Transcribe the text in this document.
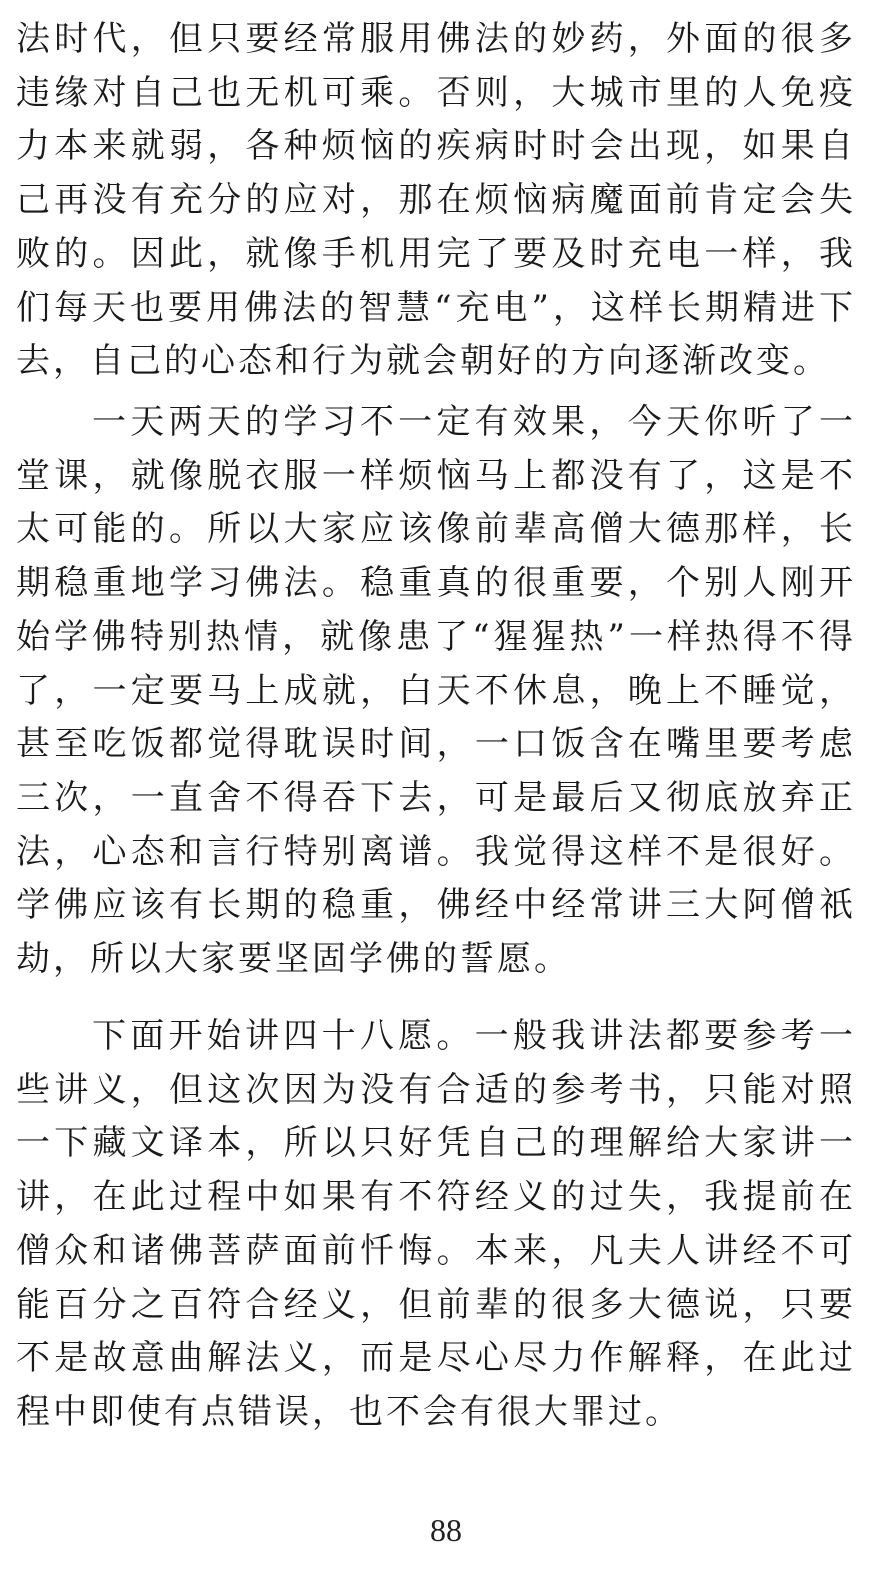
法时代，但只要经常服用佛法的妙药，外面的很多违缘对自己也无机可乘。否则，大城市里的人免疫力本来就弱，各种烦恼的疾病时时会出现，如果自己再没有充分的应对，那在烦恼病魔面前肯定会失败的。因此，就像手机用完了要及时充电一样，我们每天也要用佛法的智慧“充电”，这样长期精进下去，自己的心态和行为就会朝好的方向逐渐改变。

一天两天的学习不一定有效果，今天你听了一堂课，就像脱衣服一样烦恼马上都没有了，这是不太可能的。所以大家应该像前辈高僧大德那样，长期稳重地学习佛法。稳重真的很重要，个别人刚开始学佛特别热情，就像患了“猩猩热”一样热得不得了，一定要马上成就，白天不休息，晚上不睡觉，甚至吃饭都觉得耽误时间，一口饭含在嘴里要考虑三次，一直舍不得吞下去，可是最后又彻底放弃正法，心态和言行特别离谱。我觉得这样不是很好。学佛应该有长期的稳重，佛经中经常讲三大阿僧祇劫，所以大家要坚固学佛的誓愿。

下面开始讲四十八愿。一般我讲法都要参考一些讲义，但这次因为没有合适的参考书，只能对照一下藏文译本，所以只好凭自己的理解给大家讲一讲，在此过程中如果有不符经义的过失，我提前在僧众和诸佛菩萨面前忏悔。本来，凡夫人讲经不可能百分之百符合经义，但前辈的很多大德说，只要不是故意曲解法义，而是尽心尽力作解释，在此过程中即使有点错误，也不会有很大罪过。

88
